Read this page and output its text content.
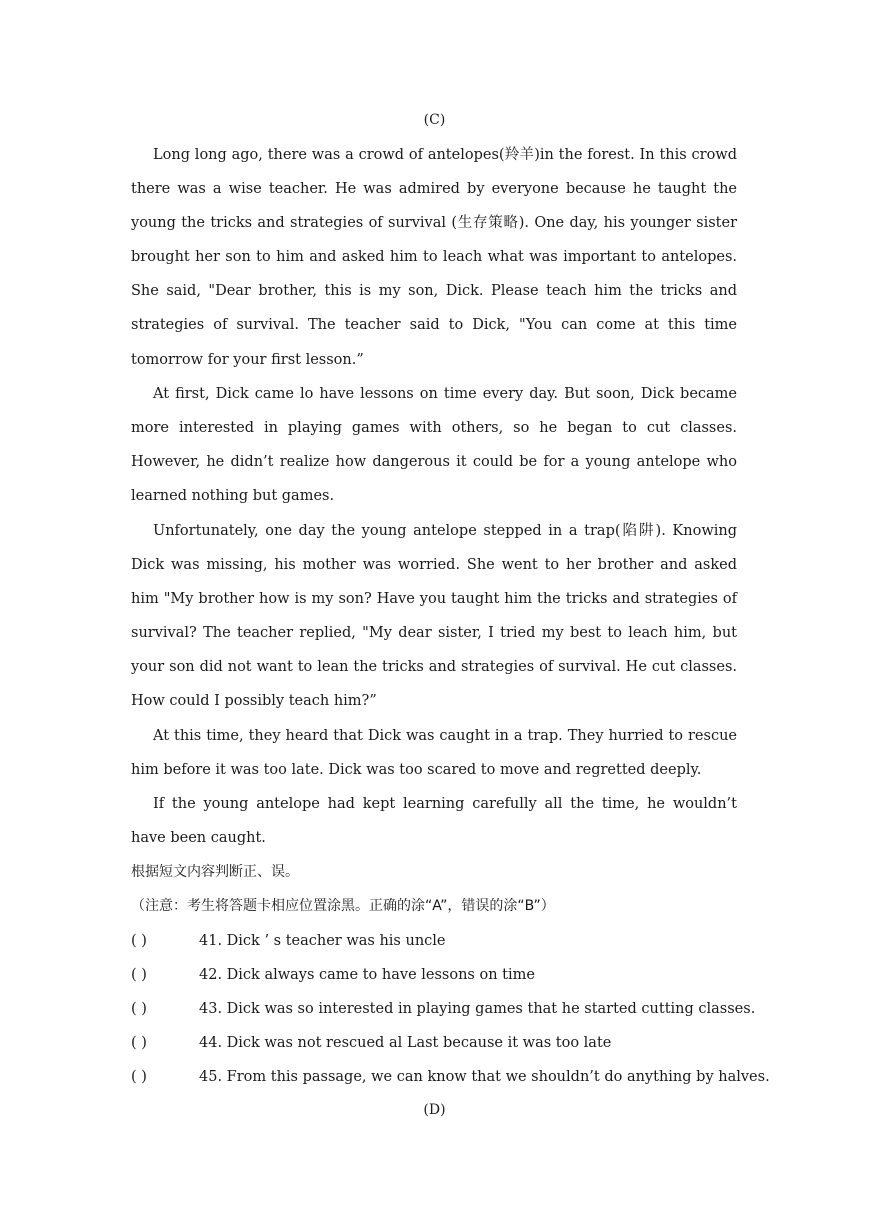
(C)

Long long ago, there was a crowd of antelopes(羚羊)in the forest. In this crowd there was a wise teacher. He was admired by everyone because he taught the young the tricks and strategies of survival (生存策略). One day, his younger sister brought her son to him and asked him to leach what was important to antelopes. She said, "Dear brother, this is my son, Dick. Please teach him the tricks and strategies of survival. The teacher said to Dick, "You can come at this time tomorrow for your first lesson.”

At first, Dick came lo have lessons on time every day. But soon, Dick became more interested in playing games with others, so he began to cut classes. However, he didn’t realize how dangerous it could be for a young antelope who learned nothing but games.

Unfortunately, one day the young antelope stepped in a trap(陷阱). Knowing Dick was missing, his mother was worried. She went to her brother and asked him "My brother how is my son? Have you taught him the tricks and strategies of survival? The teacher replied, "My dear sister, I tried my best to leach him, but your son did not want to lean the tricks and strategies of survival. He cut classes. How could I possibly teach him?”

At this time, they heard that Dick was caught in a trap. They hurried to rescue him before it was too late. Dick was too scared to move and regretted deeply.

If the young antelope had kept learning carefully all the time, he wouldn’t have been caught.

根据短文内容判断正、误。
（注意：考生将答题卡相应位置涂黑。正确的涂“A”，错误的涂“B”）
( )	41. Dick ’ s teacher was his uncle
( )	42. Dick always came to have lessons on time
( )	43. Dick was so interested in playing games that he started cutting classes.
( )	44. Dick was not rescued al Last because it was too late
( )	45. From this passage, we can know that we shouldn’t do anything by halves.
(D)
